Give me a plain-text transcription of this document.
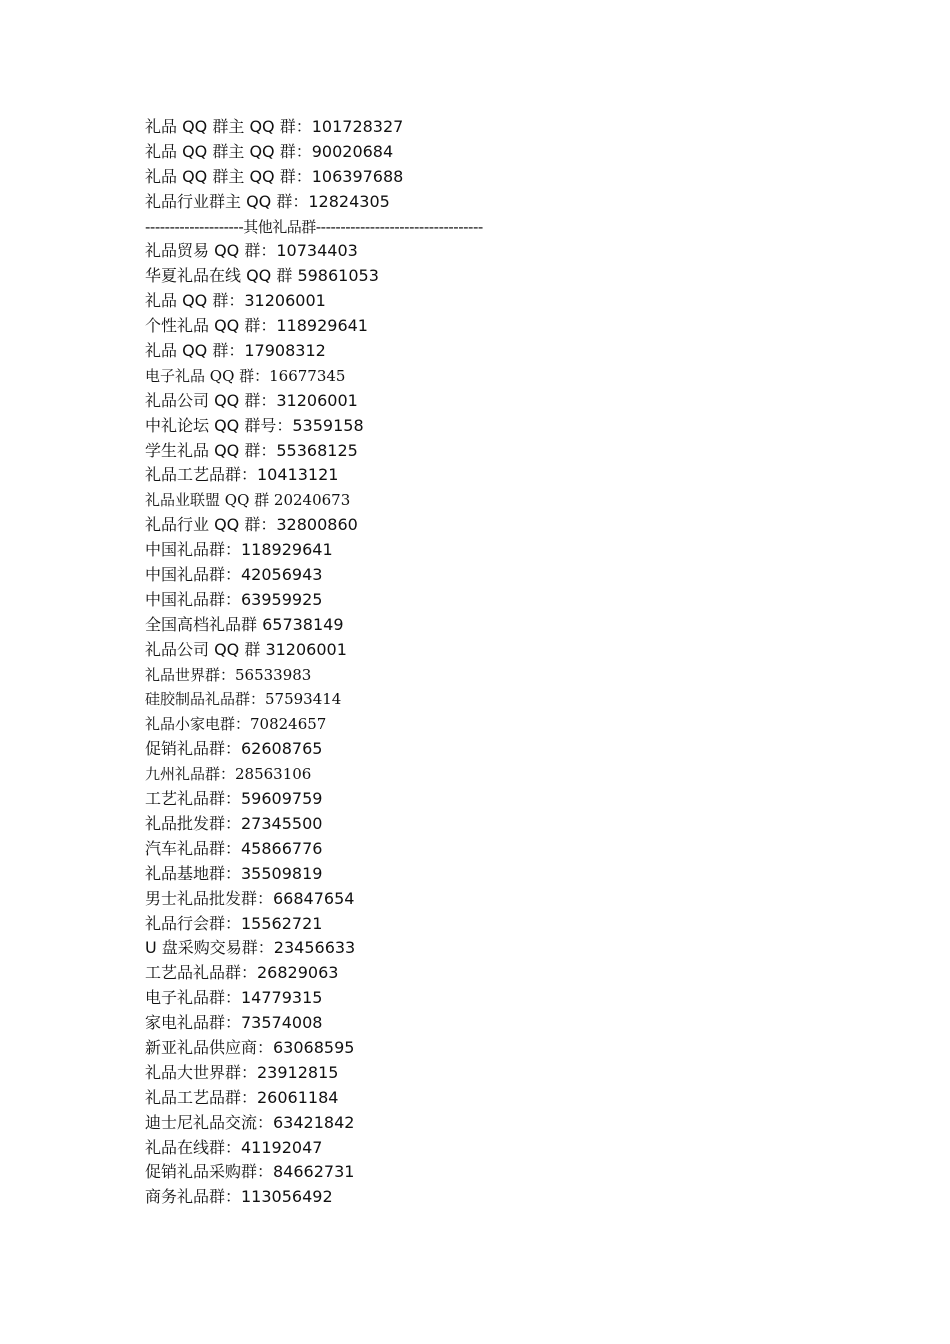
礼品 QQ 群主 QQ 群：101728327
礼品 QQ 群主 QQ 群：90020684
礼品 QQ 群主 QQ 群：106397688
礼品行业群主 QQ 群：12824305
--------------------其他礼品群----------------------------------
礼品贸易 QQ 群：10734403
华夏礼品在线 QQ 群 59861053
礼品 QQ 群：31206001
个性礼品 QQ 群：118929641
礼品 QQ 群：17908312
电子礼品 QQ 群：16677345
礼品公司 QQ 群：31206001
中礼论坛 QQ 群号：5359158
学生礼品 QQ 群：55368125
礼品工艺品群：10413121
礼品业联盟 QQ 群 20240673
礼品行业 QQ 群：32800860
中国礼品群：118929641
中国礼品群：42056943
中国礼品群：63959925
全国高档礼品群 65738149
礼品公司 QQ 群 31206001
礼品世界群：56533983
硅胶制品礼品群：57593414
礼品小家电群：70824657
促销礼品群：62608765
九州礼品群：28563106
工艺礼品群：59609759
礼品批发群：27345500
汽车礼品群：45866776
礼品基地群：35509819
男士礼品批发群：66847654
礼品行会群：15562721
U 盘采购交易群：23456633
工艺品礼品群：26829063
电子礼品群：14779315
家电礼品群：73574008
新亚礼品供应商：63068595
礼品大世界群：23912815
礼品工艺品群：26061184
迪士尼礼品交流：63421842
礼品在线群：41192047
促销礼品采购群：84662731
商务礼品群：113056492
